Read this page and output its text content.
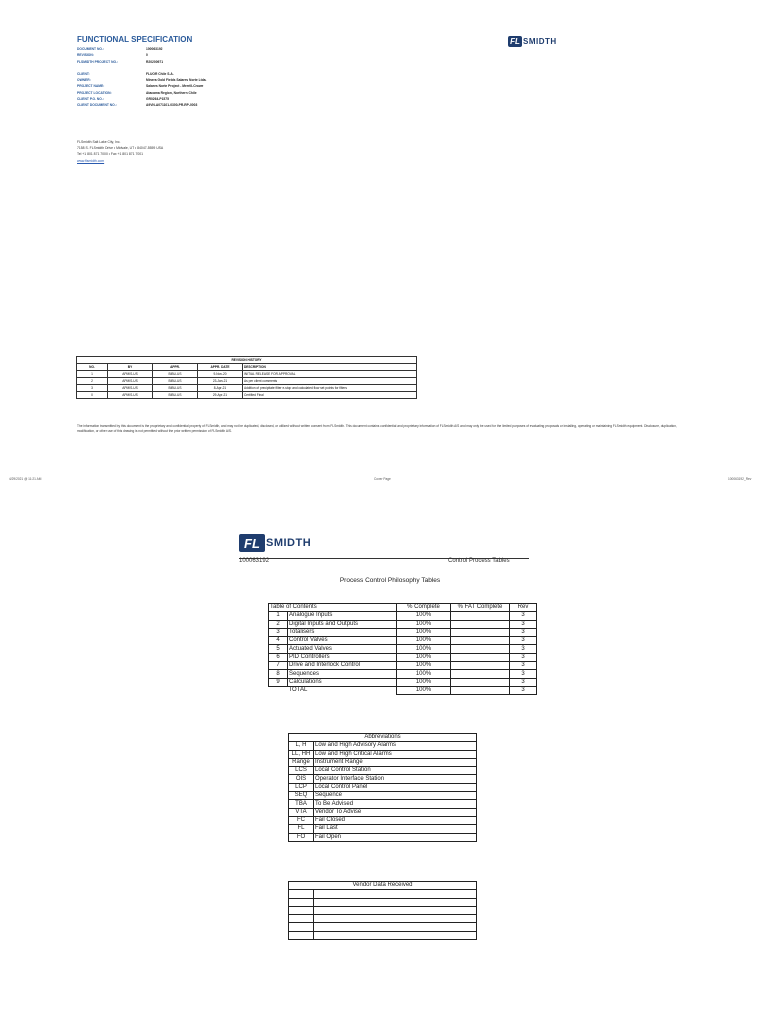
FUNCTIONAL SPECIFICATION
DOCUMENT NO.:	100063192
REVISION:	0
FLSMIDTH PROJECT NO.:	R20200971
CLIENT:	FLUOR Chile S.A.
OWNER:	Minera Gold Fields Salares Norte Ltda.
PROJECT NAME:	Salares Norte Project - Merrill-Crowe
PROJECT LOCATION:	Atacama Region, Northern Chile
CLIENT P.O. NO.:	GR0264-P1575
CLIENT DOCUMENT NO.:	A9VN-A071101-0300-PR-RP-0003
FLSmidth Salt Lake City, Inc.
7158 S. FLSmidth Drive • Midvale, UT • 84047-5559 USA
Tel +1 801 871 7000 • Fax +1 801 871 7001
www.flsmidth.com
FL SMIDTH
REVISION HISTORY				
NO.	BY	APPR.	APPR. DATE	DESCRIPTION
1	APMIS-US	BIBU-US	9-Nov-20	INITIAL RELEASE FOR APPROVAL
2	APMIS-US	BIBU-US	23-Jan-21	As per client comments
3	APMIS-US	BIBU-US	8-Apr-21	Addition of precipitate filter e-stop and calculated flow set points for filters
0	APMIS-US	BIBU-US	29-Apr-21	Certified Final
The information transmitted by this document is the proprietary and confidential property of FLSmidth, and may not be duplicated, disclosed, or utilized without written consent from FLSmidth. This document contains confidential and proprietary information of FLSmidth A/S and may only be used for the limited purposes of evaluating proposals or installing, operating or maintaining FLSmidth equipment. Disclosure, duplication, modification, or other use of this drawing is not permitted without the prior written permission of FLSmidth A/S.
4/29/2021 @ 11:21 AM	Cover Page	100063192_Rev
FL SMIDTH
100063192	Control Process Tables
Process Control Philosophy Tables
Table of Contents		% Complete	% FAT Complete	Rev
1	Analogue Inputs	100%		3
2	Digital Inputs and Outputs	100%		3
3	Totalisers	100%		3
4	Control Valves	100%		3
5	Actuated Valves	100%		3
6	PID Controllers	100%		3
7	Drive and Interlock Control	100%		3
8	Sequences	100%		3
9	Calculations	100%		3
	TOTAL	100%		3
Abbreviations	
L, H	Low and High Advisory Alarms
LL, HH	Low and High Critical Alarms
Range	Instrument Range
LCS	Local Control Station
OIS	Operator Interface Station
LCP	Local Control Panel
SEQ	Sequence
TBA	To Be Advised
VTA	Vendor To Advise
FC	Fail Closed
FL	Fail Last
FO	Fail Open
Vendor Data Received	
